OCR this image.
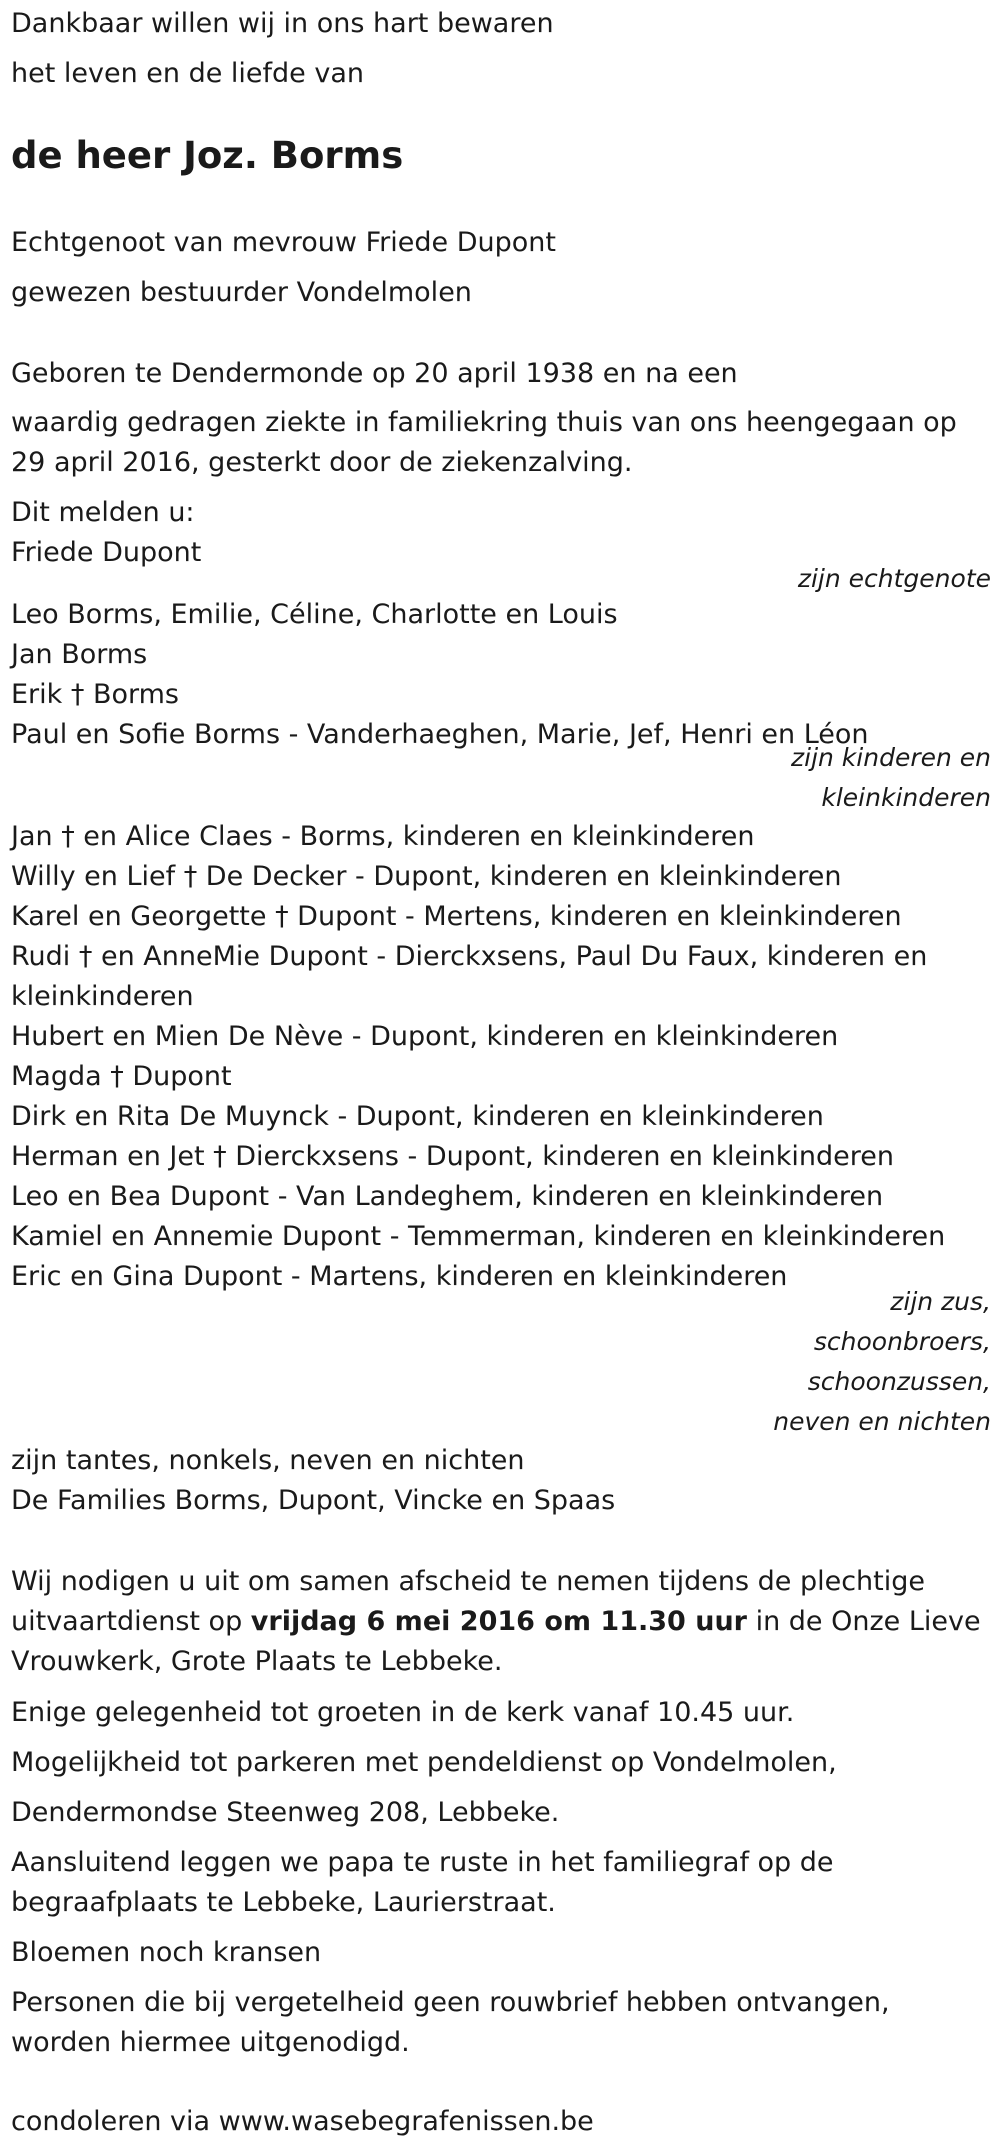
Dankbaar willen wij in ons hart bewaren

het leven en de liefde van

de heer Joz. Borms

Echtgenoot van mevrouw Friede Dupont

gewezen bestuurder Vondelmolen

Geboren te Dendermonde op 20 april 1938 en na een

waardig gedragen ziekte in familiekring thuis van ons heengegaan op 29 april 2016, gesterkt door de ziekenzalving.

Dit melden u:

Friede Dupont

zijn echtgenote

Leo Borms, Emilie, Céline, Charlotte en Louis

Jan Borms

Erik † Borms

Paul en Sofie Borms - Vanderhaeghen, Marie, Jef, Henri en Léon

zijn kinderen en

kleinkinderen

Jan † en Alice Claes - Borms, kinderen en kleinkinderen

Willy en Lief † De Decker - Dupont, kinderen en kleinkinderen

Karel en Georgette † Dupont - Mertens, kinderen en kleinkinderen

Rudi † en AnneMie Dupont - Dierckxsens, Paul Du Faux, kinderen en kleinkinderen

Hubert en Mien De Nève - Dupont, kinderen en kleinkinderen

Magda † Dupont

Dirk en Rita De Muynck - Dupont, kinderen en kleinkinderen

Herman en Jet † Dierckxsens - Dupont, kinderen en kleinkinderen

Leo en Bea Dupont - Van Landeghem, kinderen en kleinkinderen

Kamiel en Annemie Dupont - Temmerman, kinderen en kleinkinderen

Eric en Gina Dupont - Martens, kinderen en kleinkinderen

zijn zus,

schoonbroers,

schoonzussen,

neven en nichten

zijn tantes, nonkels, neven en nichten

De Families Borms, Dupont, Vincke en Spaas

Wij nodigen u uit om samen afscheid te nemen tijdens de plechtige uitvaartdienst op vrijdag 6 mei 2016 om 11.30 uur in de Onze Lieve Vrouwkerk, Grote Plaats te Lebbeke.

Enige gelegenheid tot groeten in de kerk vanaf 10.45 uur.

Mogelijkheid tot parkeren met pendeldienst op Vondelmolen,

Dendermondse Steenweg 208, Lebbeke.

Aansluitend leggen we papa te ruste in het familiegraf op de begraafplaats te Lebbeke, Laurierstraat.

Bloemen noch kransen

Personen die bij vergetelheid geen rouwbrief hebben ontvangen, worden hiermee uitgenodigd.

condoleren via www.wasebegrafenissen.be
